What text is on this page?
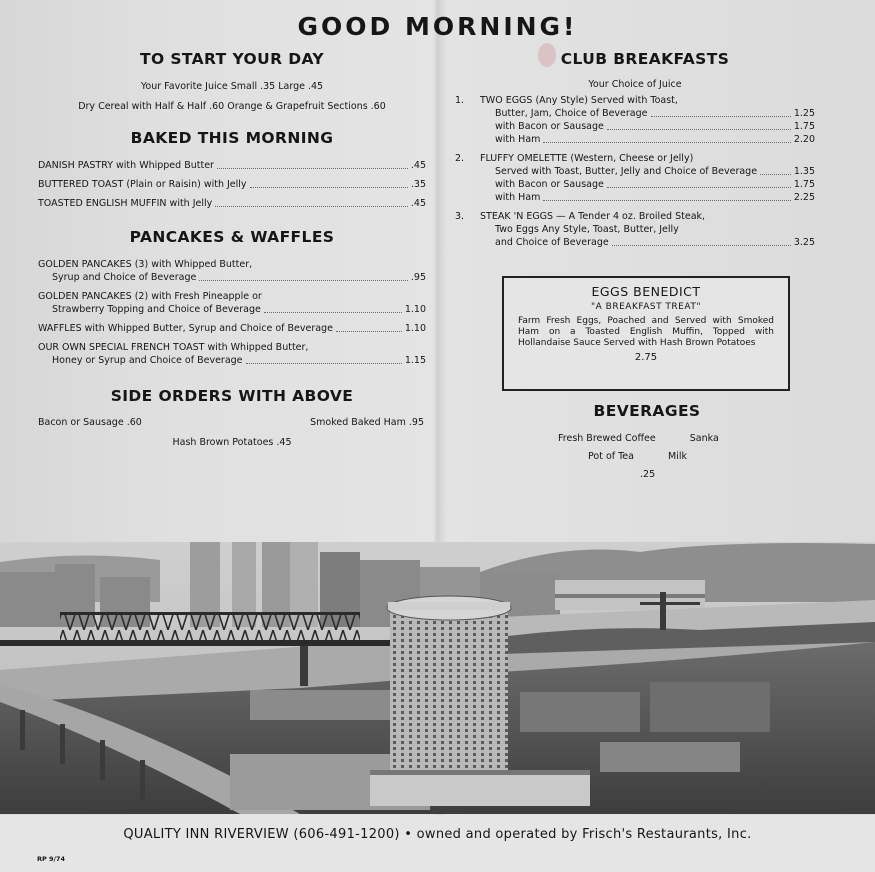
GOOD MORNING!
TO START YOUR DAY
Your Favorite Juice Small .35 Large .45
Dry Cereal with Half & Half .60 Orange & Grapefruit Sections .60
BAKED THIS MORNING
DANISH PASTRY with Whipped Butter	.45
BUTTERED TOAST (Plain or Raisin) with Jelly	.35
TOASTED ENGLISH MUFFIN with Jelly	.45
PANCAKES & WAFFLES
GOLDEN PANCAKES (3) with Whipped Butter,
Syrup and Choice of Beverage	.95
GOLDEN PANCAKES (2) with Fresh Pineapple or
Strawberry Topping and Choice of Beverage	1.10
WAFFLES with Whipped Butter, Syrup and Choice of Beverage	1.10
OUR OWN SPECIAL FRENCH TOAST with Whipped Butter,
Honey or Syrup and Choice of Beverage	1.15
SIDE ORDERS WITH ABOVE
Bacon or Sausage .60	Smoked Baked Ham .95
Hash Brown Potatoes .45
CLUB BREAKFASTS
Your Choice of Juice
1. TWO EGGS (Any Style) Served with Toast,
Butter, Jam, Choice of Beverage	1.25
with Bacon or Sausage	1.75
with Ham	2.20
2. FLUFFY OMELETTE (Western, Cheese or Jelly)
Served with Toast, Butter, Jelly and Choice of Beverage	1.35
with Bacon or Sausage	1.75
with Ham	2.25
3. STEAK 'N EGGS — A Tender 4 oz. Broiled Steak,
Two Eggs Any Style, Toast, Butter, Jelly
and Choice of Beverage	3.25
EGGS BENEDICT
"A BREAKFAST TREAT"
Farm Fresh Eggs, Poached and Served with Smoked Ham on a Toasted English Muffin, Topped with Hollandaise Sauce Served with Hash Brown Potatoes
2.75
BEVERAGES
Fresh Brewed Coffee	Sanka
Pot of Tea	Milk
.25
QUALITY INN RIVERVIEW (606-491-1200) • owned and operated by Frisch's Restaurants, Inc.
RP 9/74
